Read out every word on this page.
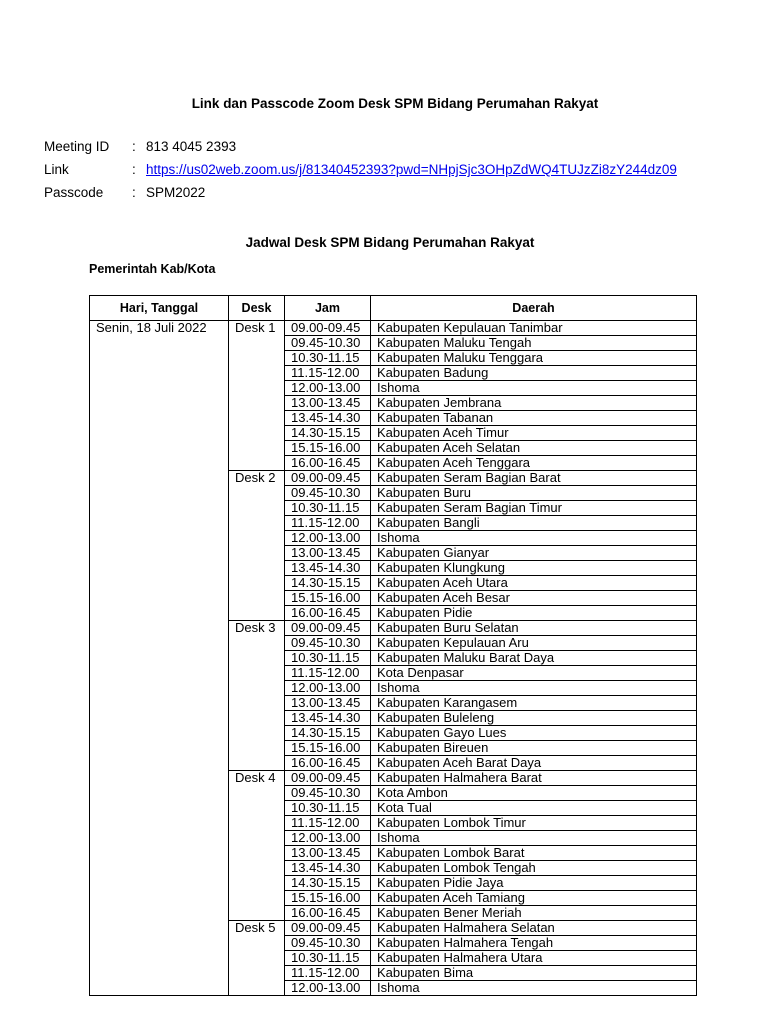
Link dan Passcode Zoom Desk SPM Bidang Perumahan Rakyat
Meeting ID	: 813 4045 2393
Link	: https://us02web.zoom.us/j/81340452393?pwd=NHpjSjc3OHpZdWQ4TUJzZi8zY244dz09
Passcode	: SPM2022
Jadwal Desk SPM Bidang Perumahan Rakyat
Pemerintah Kab/Kota
Hari, Tanggal	Desk	Jam	Daerah
Senin, 18 Juli 2022	Desk 1	09.00-09.45	Kabupaten Kepulauan Tanimbar
		09.45-10.30	Kabupaten Maluku Tengah
		10.30-11.15	Kabupaten Maluku Tenggara
		11.15-12.00	Kabupaten Badung
		12.00-13.00	Ishoma
		13.00-13.45	Kabupaten Jembrana
		13.45-14.30	Kabupaten Tabanan
		14.30-15.15	Kabupaten Aceh Timur
		15.15-16.00	Kabupaten Aceh Selatan
		16.00-16.45	Kabupaten Aceh Tenggara
	Desk 2	09.00-09.45	Kabupaten Seram Bagian Barat
		09.45-10.30	Kabupaten Buru
		10.30-11.15	Kabupaten Seram Bagian Timur
		11.15-12.00	Kabupaten Bangli
		12.00-13.00	Ishoma
		13.00-13.45	Kabupaten Gianyar
		13.45-14.30	Kabupaten Klungkung
		14.30-15.15	Kabupaten Aceh Utara
		15.15-16.00	Kabupaten Aceh Besar
		16.00-16.45	Kabupaten Pidie
	Desk 3	09.00-09.45	Kabupaten Buru Selatan
		09.45-10.30	Kabupaten Kepulauan Aru
		10.30-11.15	Kabupaten Maluku Barat Daya
		11.15-12.00	Kota Denpasar
		12.00-13.00	Ishoma
		13.00-13.45	Kabupaten Karangasem
		13.45-14.30	Kabupaten Buleleng
		14.30-15.15	Kabupaten Gayo Lues
		15.15-16.00	Kabupaten Bireuen
		16.00-16.45	Kabupaten Aceh Barat Daya
	Desk 4	09.00-09.45	Kabupaten Halmahera Barat
		09.45-10.30	Kota Ambon
		10.30-11.15	Kota Tual
		11.15-12.00	Kabupaten Lombok Timur
		12.00-13.00	Ishoma
		13.00-13.45	Kabupaten Lombok Barat
		13.45-14.30	Kabupaten Lombok Tengah
		14.30-15.15	Kabupaten Pidie Jaya
		15.15-16.00	Kabupaten Aceh Tamiang
		16.00-16.45	Kabupaten Bener Meriah
	Desk 5	09.00-09.45	Kabupaten Halmahera Selatan
		09.45-10.30	Kabupaten Halmahera Tengah
		10.30-11.15	Kabupaten Halmahera Utara
		11.15-12.00	Kabupaten Bima
		12.00-13.00	Ishoma
